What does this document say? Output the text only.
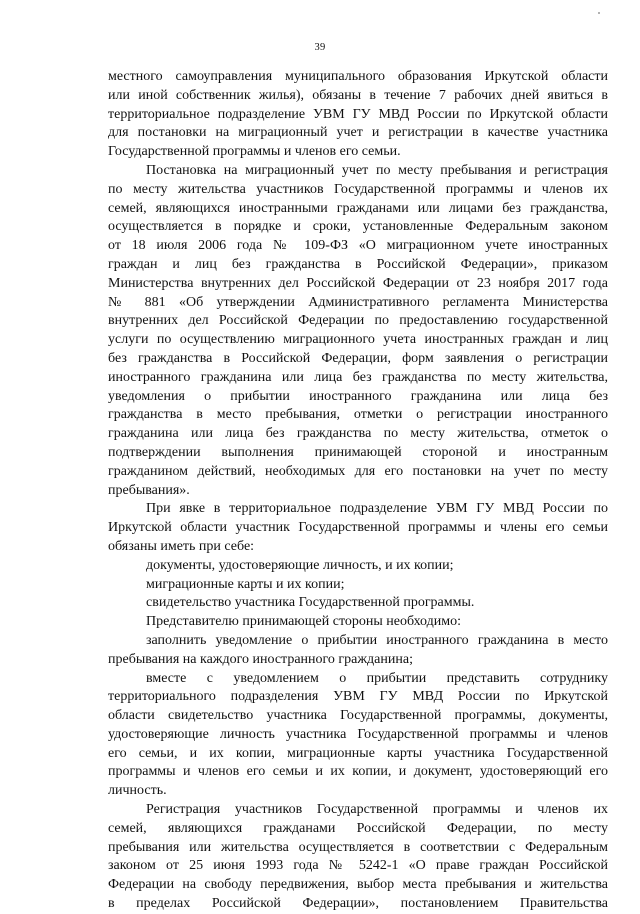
39
местного самоуправления муниципального образования Иркутской области
или иной собственник жилья), обязаны в течение 7 рабочих дней явиться в
территориальное подразделение УВМ ГУ МВД России по Иркутской области
для постановки на миграционный учет и регистрации в качестве участника
Государственной программы и членов его семьи.
Постановка на миграционный учет по месту пребывания и регистрация
по месту жительства участников Государственной программы и членов их
семей, являющихся иностранными гражданами или лицами без гражданства,
осуществляется в порядке и сроки, установленные Федеральным законом
от 18 июля 2006 года № 109-ФЗ «О миграционном учете иностранных
граждан и лиц без гражданства в Российской Федерации», приказом
Министерства внутренних дел Российской Федерации от 23 ноября 2017 года
№ 881 «Об утверждении Административного регламента Министерства
внутренних дел Российской Федерации по предоставлению государственной
услуги по осуществлению миграционного учета иностранных граждан и лиц
без гражданства в Российской Федерации, форм заявления о регистрации
иностранного гражданина или лица без гражданства по месту жительства,
уведомления о прибытии иностранного гражданина или лица без
гражданства в место пребывания, отметки о регистрации иностранного
гражданина или лица без гражданства по месту жительства, отметок о
подтверждении выполнения принимающей стороной и иностранным
гражданином действий, необходимых для его постановки на учет по месту
пребывания».
При явке в территориальное подразделение УВМ ГУ МВД России по
Иркутской области участник Государственной программы и члены его семьи
обязаны иметь при себе:
документы, удостоверяющие личность, и их копии;
миграционные карты и их копии;
свидетельство участника Государственной программы.
Представителю принимающей стороны необходимо:
заполнить уведомление о прибытии иностранного гражданина в место
пребывания на каждого иностранного гражданина;
вместе с уведомлением о прибытии представить сотруднику
территориального подразделения УВМ ГУ МВД России по Иркутской
области свидетельство участника Государственной программы, документы,
удостоверяющие личность участника Государственной программы и членов
его семьи, и их копии, миграционные карты участника Государственной
программы и членов его семьи и их копии, и документ, удостоверяющий его
личность.
Регистрация участников Государственной программы и членов их
семей, являющихся гражданами Российской Федерации, по месту
пребывания или жительства осуществляется в соответствии с Федеральным
законом от 25 июня 1993 года № 5242-1 «О праве граждан Российской
Федерации на свободу передвижения, выбор места пребывания и жительства
в пределах Российской Федерации», постановлением Правительства
